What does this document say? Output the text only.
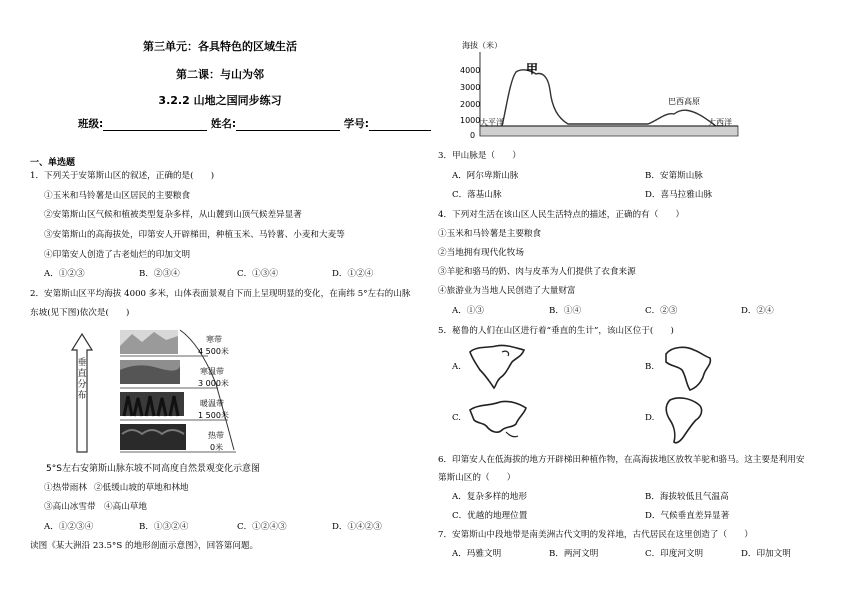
第三单元：各具特色的区域生活
第二课：与山为邻
3.2.2 山地之国同步练习
班级:	姓名:	学号:
一、单选题
1．下列关于安第斯山区的叙述，正确的是(　　)
①玉米和马铃薯是山区居民的主要粮食
②安第斯山区气候和植被类型复杂多样，从山麓到山顶气候差异显著
③安第斯山的高海拔处，印第安人开辟梯田，种植玉米、马铃薯、小麦和大麦等
④印第安人创造了古老灿烂的印加文明
A．①②③	B．②③④	C．①③④	D．①②④
2．安第斯山区平均海拔 4000 多米，山体表面景观自下而上呈现明显的变化，在南纬 5°左右的山脉
东坡(见下图)依次是(　　)
垂直分布
寒带
4 500米
寒温带
3 000米
暖温带
1 500米
热带
0米
5°S左右安第斯山脉东坡不同高度自然景观变化示意图
①热带雨林 ②低缓山坡的草地和林地
③高山冰雪带 ④高山草地
A．①②③④	B．①③②④	C．①②④③	D．①④②③
读图《某大洲沿 23.5°S 的地形剖面示意图》，回答第问题。
海拔（米）
4000
3000
2000
1000
0
甲
巴西高原
大平洋	大西洋
3．甲山脉是（　　）
A．阿尔卑斯山脉	B．安第斯山脉
C．落基山脉	D．喜马拉雅山脉
4．下列对生活在该山区人民生活特点的描述，正确的有（　　）
①玉米和马铃薯是主要粮食
②当地拥有现代化牧场
③羊驼和骆马的奶、肉与皮革为人们提供了衣食来源
④旅游业为当地人民创造了大量财富
A．①③	B．①④	C．②③	D．②④
5．秘鲁的人们在山区进行着“垂直的生计”，该山区位于(　　)
A.	B.
C.	D.
6．印第安人在低海拔的地方开辟梯田种植作物，在高海拔地区放牧羊驼和骆马。这主要是利用安
第斯山区的（　　）
A．复杂多样的地形	B．海拔较低且气温高
C．优越的地理位置	D．气候垂直差异显著
7．安第斯山中段地带是南美洲古代文明的发祥地，古代居民在这里创造了（　　）
A．玛雅文明	B．两河文明	C．印度河文明	D．印加文明
